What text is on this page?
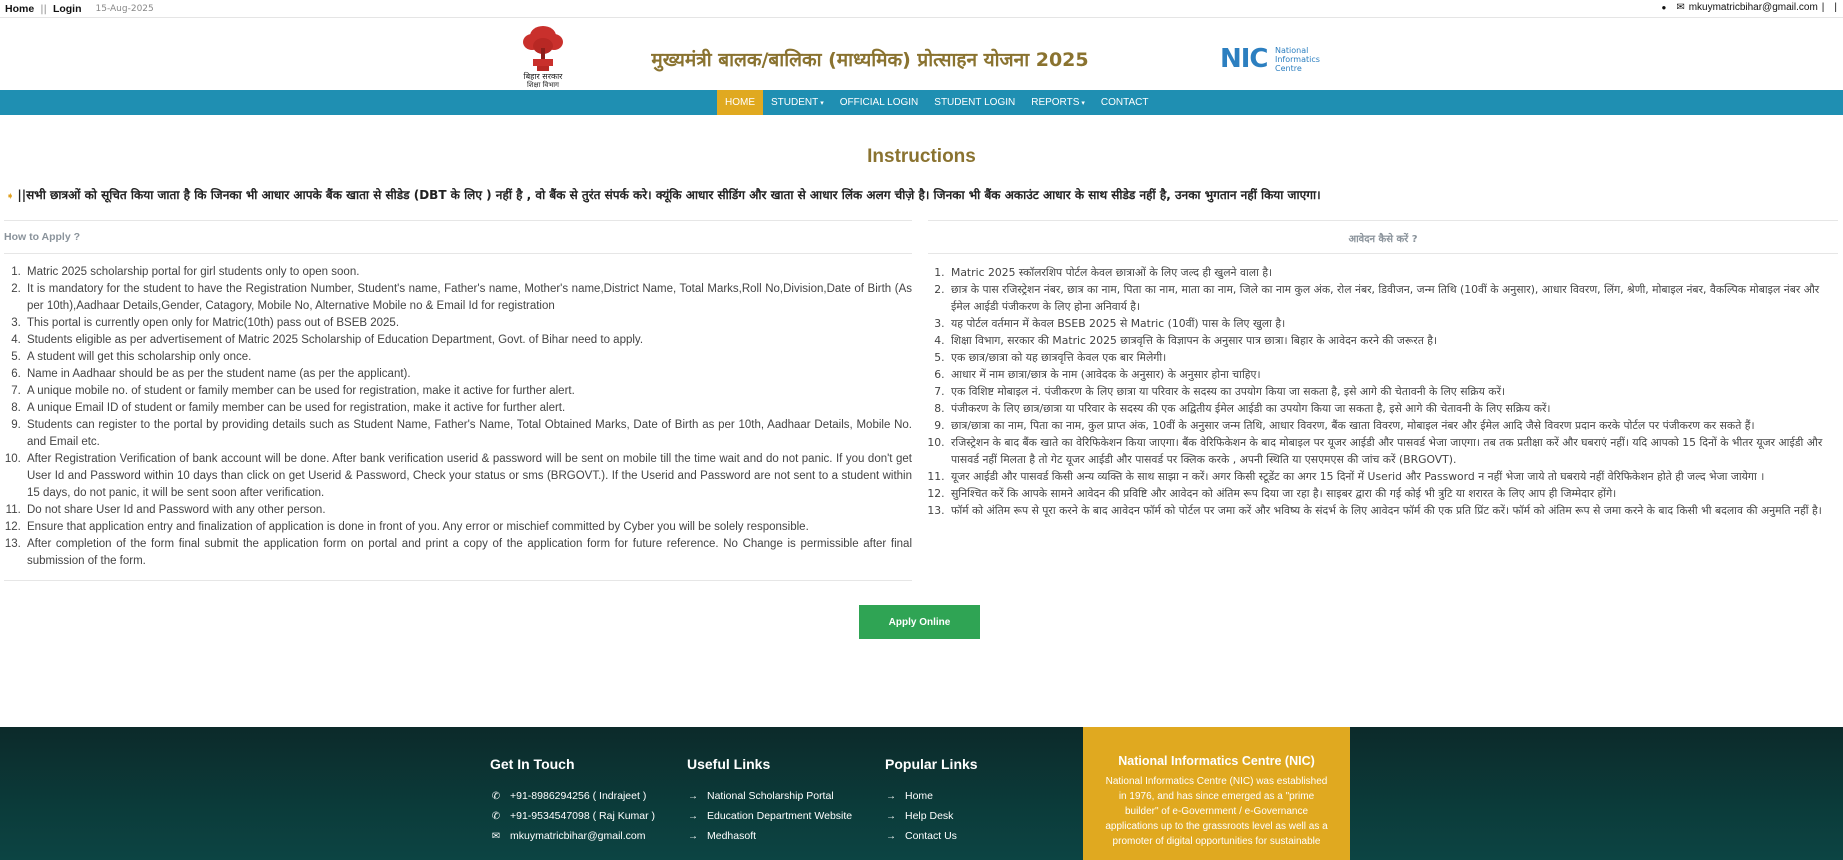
Home || Login 15-Aug-2025	● ✉ mkuymatricbihar@gmail.com | |
बिहार सरकार
शिक्षा विभाग
मुख्यमंत्री बालक/बालिका (माध्यमिक) प्रोत्साहन योजना 2025	NIC National
Informatics
Centre
HOME	STUDENT ▾	OFFICIAL LOGIN	STUDENT LOGIN	REPORTS ▾	CONTACT
Instructions
➧ ||सभी छात्रओं को सूचित किया जाता है कि जिनका भी आधार आपके बैंक खाता से सीडेड (DBT के लिए ) नहीं है , वो बैंक से तुरंत संपर्क करे। क्यूंकि आधार सीडिंग और खाता से आधार लिंक अलग चीज़े है। जिनका भी बैंक अकाउंट आधार के साथ सीडेड नहीं है, उनका भुगतान नहीं किया जाएगा।
How to Apply ?
1. Matric 2025 scholarship portal for girl students only to open soon.
2. It is mandatory for the student to have the Registration Number, Student's name, Father's name, Mother's name,District Name, Total Marks,Roll No,Division,Date of Birth (As per 10th),Aadhaar Details,Gender, Catagory, Mobile No, Alternative Mobile no & Email Id for registration
3. This portal is currently open only for Matric(10th) pass out of BSEB 2025.
4. Students eligible as per advertisement of Matric 2025 Scholarship of Education Department, Govt. of Bihar need to apply.
5. A student will get this scholarship only once.
6. Name in Aadhaar should be as per the student name (as per the applicant).
7. A unique mobile no. of student or family member can be used for registration, make it active for further alert.
8. A unique Email ID of student or family member can be used for registration, make it active for further alert.
9. Students can register to the portal by providing details such as Student Name, Father's Name, Total Obtained Marks, Date of Birth as per 10th, Aadhaar Details, Mobile No. and Email etc.
10. After Registration Verification of bank account will be done. After bank verification userid & password will be sent on mobile till the time wait and do not panic. If you don't get User Id and Password within 10 days than click on get Userid & Password, Check your status or sms (BRGOVT.). If the Userid and Password are not sent to a student within 15 days, do not panic, it will be sent soon after verification.
11. Do not share User Id and Password with any other person.
12. Ensure that application entry and finalization of application is done in front of you. Any error or mischief committed by Cyber you will be solely responsible.
13. After completion of the form final submit the application form on portal and print a copy of the application form for future reference. No Change is permissible after final submission of the form.
आवेदन कैसे करें ?
1. Matric 2025 स्कॉलरशिप पोर्टल केवल छात्राओं के लिए जल्द ही खुलने वाला है।
2. छात्र के पास रजिस्ट्रेशन नंबर, छात्र का नाम, पिता का नाम, माता का नाम, जिले का नाम कुल अंक, रोल नंबर, डिवीजन, जन्म तिथि (10वीं के अनुसार), आधार विवरण, लिंग, श्रेणी, मोबाइल नंबर, वैकल्पिक मोबाइल नंबर और ईमेल आईडी पंजीकरण के लिए होना अनिवार्य है।
3. यह पोर्टल वर्तमान में केवल BSEB 2025 से Matric (10वीं) पास के लिए खुला है।
4. शिक्षा विभाग, सरकार की Matric 2025 छात्रवृत्ति के विज्ञापन के अनुसार पात्र छात्रा। बिहार के आवेदन करने की जरूरत है।
5. एक छात्र/छात्रा को यह छात्रवृत्ति केवल एक बार मिलेगी।
6. आधार में नाम छात्रा/छात्र के नाम (आवेदक के अनुसार) के अनुसार होना चाहिए।
7. एक विशिष्ट मोबाइल नं. पंजीकरण के लिए छात्रा या परिवार के सदस्य का उपयोग किया जा सकता है, इसे आगे की चेतावनी के लिए सक्रिय करें।
8. पंजीकरण के लिए छात्र/छात्रा या परिवार के सदस्य की एक अद्वितीय ईमेल आईडी का उपयोग किया जा सकता है, इसे आगे की चेतावनी के लिए सक्रिय करें।
9. छात्र/छात्रा का नाम, पिता का नाम, कुल प्राप्त अंक, 10वीं के अनुसार जन्म तिथि, आधार विवरण, बैंक खाता विवरण, मोबाइल नंबर और ईमेल आदि जैसे विवरण प्रदान करके पोर्टल पर पंजीकरण कर सकते हैं।
10. रजिस्ट्रेशन के बाद बैंक खाते का वेरिफिकेशन किया जाएगा। बैंक वेरिफिकेशन के बाद मोबाइल पर यूजर आईडी और पासवर्ड भेजा जाएगा। तब तक प्रतीक्षा करें और घबराएं नहीं। यदि आपको 15 दिनों के भीतर यूजर आईडी और पासवर्ड नहीं मिलता है तो गेट यूजर आईडी और पासवर्ड पर क्लिक करके , अपनी स्थिति या एसएमएस की जांच करें (BRGOVT).
11. यूजर आईडी और पासवर्ड किसी अन्य व्यक्ति के साथ साझा न करें। अगर किसी स्टूडेंट का अगर 15 दिनों में Userid और Password न नहीं भेजा जाये तो घबराये नहीं वेरिफिकेशन होते ही जल्द भेजा जायेगा ।
12. सुनिश्चित करें कि आपके सामने आवेदन की प्रविष्टि और आवेदन को अंतिम रूप दिया जा रहा है। साइबर द्वारा की गई कोई भी त्रुटि या शरारत के लिए आप ही जिम्मेदार होंगे।
13. फॉर्म को अंतिम रूप से पूरा करने के बाद आवेदन फॉर्म को पोर्टल पर जमा करें और भविष्य के संदर्भ के लिए आवेदन फॉर्म की एक प्रति प्रिंट करें। फॉर्म को अंतिम रूप से जमा करने के बाद किसी भी बदलाव की अनुमति नहीं है।
Apply Online
Get In Touch
✆ +91-8986294256 ( Indrajeet )
✆ +91-9534547098 ( Raj Kumar )
✉ mkuymatricbihar@gmail.com
Useful Links
→ National Scholarship Portal
→ Education Department Website
→ Medhasoft
Popular Links
→ Home
→ Help Desk
→ Contact Us
National Informatics Centre (NIC)

National Informatics Centre (NIC) was established in 1976, and has since emerged as a "prime builder" of e-Government / e-Governance applications up to the grassroots level as well as a promoter of digital opportunities for sustainable
